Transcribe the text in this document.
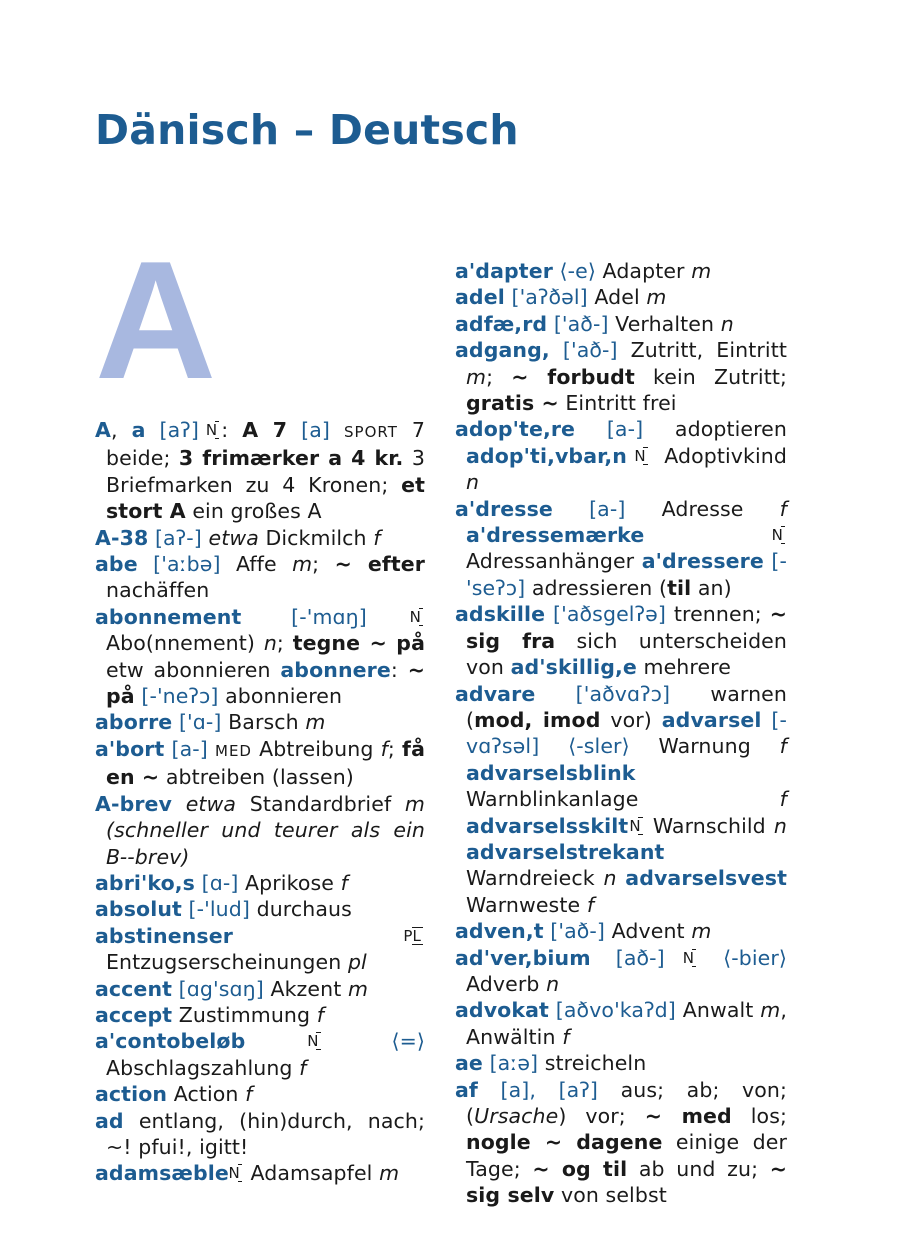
Dänisch – Deutsch
A

A, a [aʔ] N : A 7 [a] SPORT 7 beide; 3 frimærker a 4 kr. 3 Briefmarken zu 4 Kronen; et stort A ein großes A

A-38 [aʔ-] etwa Dickmilch f

abe ['aːbə] Affe m; ~ efter nachäffen

abonnement [-'mɑŋ]	N Abo(nnement) n; tegne ~ på etw abonnieren abonnere: ~ på [-'neʔɔ] abonnieren

aborre ['ɑ-] Barsch m

a'bort [a-] MED Abtreibung f; få en ~ abtreiben (lassen)

A-brev etwa Standardbrief m (schneller und teurer als ein B--brev)

abri'ko,s [ɑ-] Aprikose f

absolut [-'lud] durchaus

abstinenser	PL Entzugserscheinungen pl

accent [ɑg'sɑŋ] Akzent m

accept Zustimmung f

a'contobeløb	N	⟨=⟩ Abschlagszahlung f

action Action f

ad entlang, (hin)durch, nach; ~! pfui!, igitt!

adamsæble N Adamsapfel m

a'dapter ⟨-e⟩ Adapter m

adel ['aʔðəl] Adel m

adfæ,rd ['að-] Verhalten n

adgang, ['að-] Zutritt, Eintritt m; ~ forbudt kein Zutritt; gratis ~ Eintritt frei

adop'te,re [a-] adoptieren adop'ti,vbar,n N Adoptivkind n

a'dresse [a-] Adresse f a'dressemærke	N Adressanhänger a'dressere [-'seʔɔ] adressieren (til an)

adskille ['aðsgelʔə] trennen; ~ sig fra sich unterscheiden von ad'skillig,e mehrere

advare ['aðvɑʔɔ] warnen (mod, imod vor) advarsel [-vɑʔsəl] ⟨-sler⟩ Warnung f advarselsblink Warnblinkanlage f advarselsskilt N Warnschild n advarselstrekant Warndreieck n advarselsvest Warnweste f

adven,t ['að-] Advent m

ad'ver,bium [að-] N ⟨-bier⟩ Adverb n

advokat [aðvo'kaʔd] Anwalt m, Anwältin f

ae [aːə] streicheln

af [a], [aʔ] aus; ab; von; (Ursache) vor; ~ med los; nogle ~ dagene einige der Tage; ~ og til ab und zu; ~ sig selv von selbst
